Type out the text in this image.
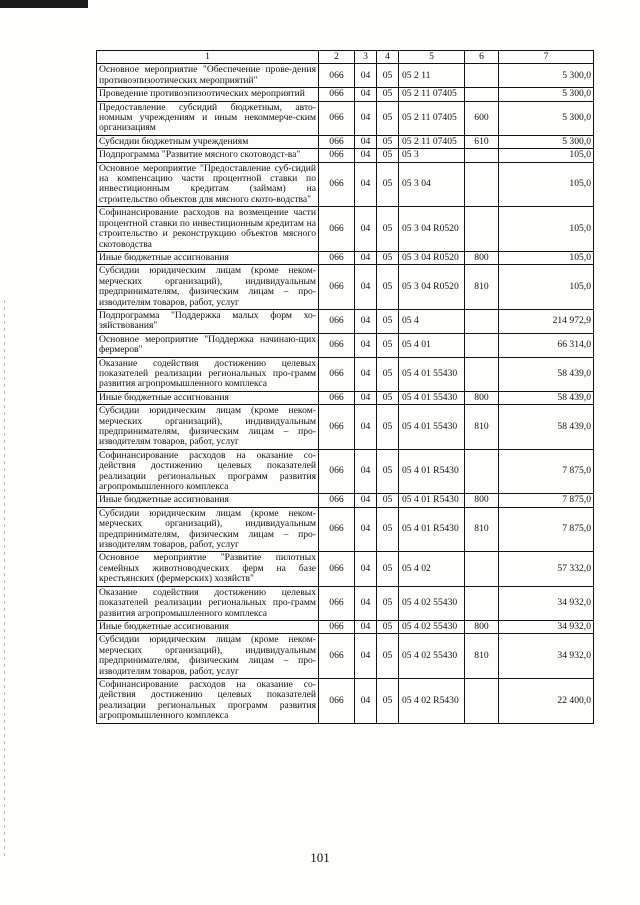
1	2	3	4	5	6	7
Основное мероприятие "Обеспечение прове-дения противоэпизоотических мероприятий"	066	04	05	05 2 11		5 300,0
Проведение противоэпизоотических мероприятий	066	04	05	05 2 11 07405		5 300,0
Предоставление субсидий бюджетным, авто-номным учреждениям и иным некоммерче-ским организациям	066	04	05	05 2 11 07405	600	5 300,0
Субсидии бюджетным учреждениям	066	04	05	05 2 11 07405	610	5 300,0
Подпрограмма "Развитие мясного скотоводст-ва"	066	04	05	05 3		105,0
Основное мероприятие "Предоставление суб-сидий на компенсацию части процентной ставки по инвестиционным кредитам (займам) на строительство объектов для мясного ското-водства"	066	04	05	05 3 04		105,0
Софинансирование расходов на возмещение части процентной ставки по инвестиционным кредитам на строительство и реконструкцию объектов мясного скотоводства	066	04	05	05 3 04 R0520		105,0
Иные бюджетные ассигнования	066	04	05	05 3 04 R0520	800	105,0
Субсидии юридическим лицам (кроме неком-мерческих организаций), индивидуальным предпринимателям, физическим лицам – про-изводителям товаров, работ, услуг	066	04	05	05 3 04 R0520	810	105,0
Подпрограмма "Поддержка малых форм хо-зяйствования"	066	04	05	05 4		214 972,9
Основное мероприятие "Поддержка начинаю-щих фермеров"	066	04	05	05 4 01		66 314,0
Оказание содействия достижению целевых показателей реализации региональных про-грамм развития агропромышленного комплекса	066	04	05	05 4 01 55430		58 439,0
Иные бюджетные ассигнования	066	04	05	05 4 01 55430	800	58 439,0
Субсидии юридическим лицам (кроме неком-мерческих организаций), индивидуальным предпринимателям, физическим лицам – про-изводителям товаров, работ, услуг	066	04	05	05 4 01 55430	810	58 439,0
Софинансирование расходов на оказание со-действия достижению целевых показателей реализации региональных программ развития агропромышленного комплекса	066	04	05	05 4 01 R5430		7 875,0
Иные бюджетные ассигнования	066	04	05	05 4 01 R5430	800	7 875,0
Субсидии юридическим лицам (кроме неком-мерческих организаций), индивидуальным предпринимателям, физическим лицам – про-изводителям товаров, работ, услуг	066	04	05	05 4 01 R5430	810	7 875,0
Основное мероприятие "Развитие пилотных семейных животноводческих ферм на базе крестьянских (фермерских) хозяйств"	066	04	05	05 4 02		57 332,0
Оказание содействия достижению целевых показателей реализации региональных про-грамм развития агропромышленного комплекса	066	04	05	05 4 02 55430		34 932,0
Иные бюджетные ассигнования	066	04	05	05 4 02 55430	800	34 932,0
Субсидии юридическим лицам (кроме неком-мерческих организаций), индивидуальным предпринимателям, физическим лицам – про-изводителям товаров, работ, услуг	066	04	05	05 4 02 55430	810	34 932,0
Софинансирование расходов на оказание со-действия достижению целевых показателей реализации региональных программ развития агропромышленного комплекса	066	04	05	05 4 02 R5430		22 400,0
101
